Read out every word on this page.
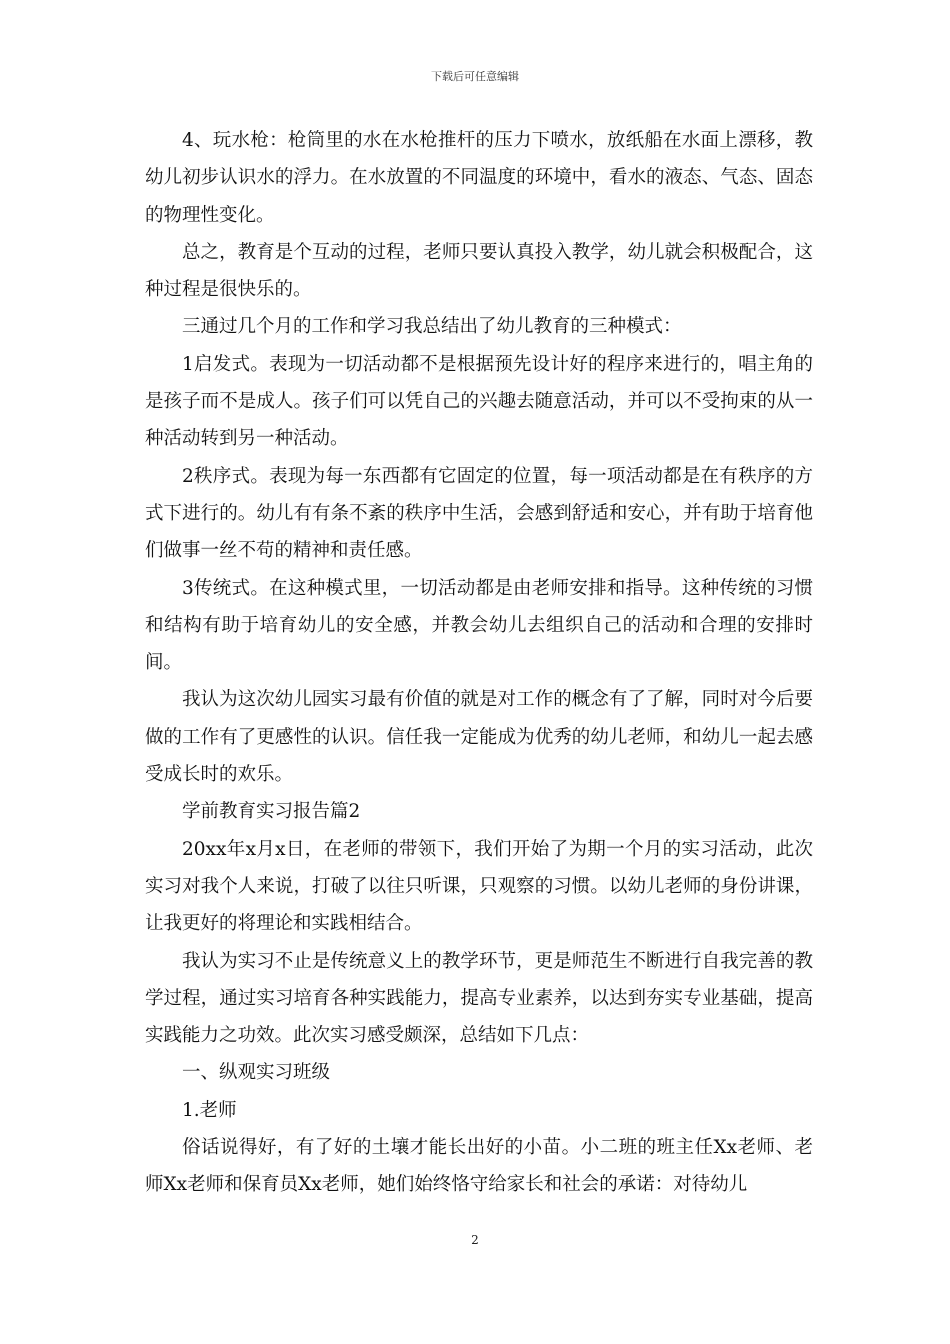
下载后可任意编辑

4、玩水枪：枪筒里的水在水枪推杆的压力下喷水，放纸船在水面上漂移，教幼儿初步认识水的浮力。在水放置的不同温度的环境中，看水的液态、气态、固态的物理性变化。

总之，教育是个互动的过程，老师只要认真投入教学，幼儿就会积极配合，这种过程是很快乐的。

三通过几个月的工作和学习我总结出了幼儿教育的三种模式：

1启发式。表现为一切活动都不是根据预先设计好的程序来进行的，唱主角的是孩子而不是成人。孩子们可以凭自己的兴趣去随意活动，并可以不受拘束的从一种活动转到另一种活动。

2秩序式。表现为每一东西都有它固定的位置，每一项活动都是在有秩序的方式下进行的。幼儿有有条不紊的秩序中生活，会感到舒适和安心，并有助于培育他们做事一丝不苟的精神和责任感。

3传统式。在这种模式里，一切活动都是由老师安排和指导。这种传统的习惯和结构有助于培育幼儿的安全感，并教会幼儿去组织自己的活动和合理的安排时间。

我认为这次幼儿园实习最有价值的就是对工作的概念有了了解，同时对今后要做的工作有了更感性的认识。信任我一定能成为优秀的幼儿老师，和幼儿一起去感受成长时的欢乐。

学前教育实习报告篇2

20xx年x月x日，在老师的带领下，我们开始了为期一个月的实习活动，此次实习对我个人来说，打破了以往只听课，只观察的习惯。以幼儿老师的身份讲课，让我更好的将理论和实践相结合。

我认为实习不止是传统意义上的教学环节，更是师范生不断进行自我完善的教学过程，通过实习培育各种实践能力，提高专业素养，以达到夯实专业基础，提高实践能力之功效。此次实习感受颇深，总结如下几点：

一、纵观实习班级

1.老师

俗话说得好，有了好的土壤才能长出好的小苗。小二班的班主任Xx老师、老师Xx老师和保育员Xx老师，她们始终恪守给家长和社会的承诺：对待幼儿

2
